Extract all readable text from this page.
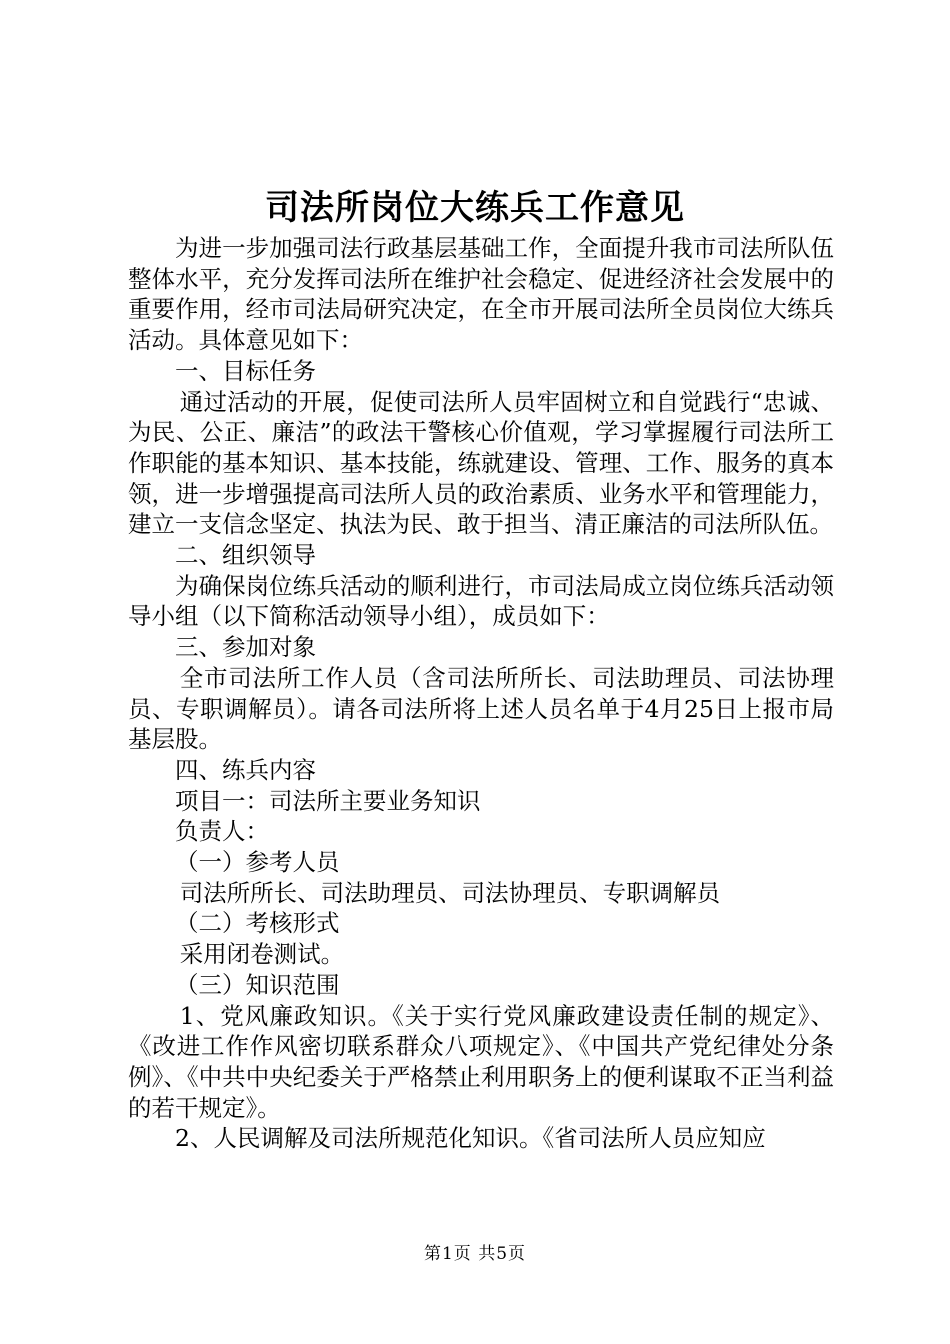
司法所岗位大练兵工作意见

为进一步加强司法行政基层基础工作，全面提升我市司法所队伍整体水平，充分发挥司法所在维护社会稳定、促进经济社会发展中的重要作用，经市司法局研究决定，在全市开展司法所全员岗位大练兵活动。具体意见如下：

一、目标任务

通过活动的开展，促使司法所人员牢固树立和自觉践行“忠诚、为民、公正、廉洁”的政法干警核心价值观，学习掌握履行司法所工作职能的基本知识、基本技能，练就建设、管理、工作、服务的真本领，进一步增强提高司法所人员的政治素质、业务水平和管理能力，建立一支信念坚定、执法为民、敢于担当、清正廉洁的司法所队伍。

二、组织领导

为确保岗位练兵活动的顺利进行，市司法局成立岗位练兵活动领导小组（以下简称活动领导小组），成员如下：

三、参加对象

全市司法所工作人员（含司法所所长、司法助理员、司法协理员、专职调解员）。请各司法所将上述人员名单于4月25日上报市局基层股。

四、练兵内容

项目一：司法所主要业务知识

负责人：

（一）参考人员

司法所所长、司法助理员、司法协理员、专职调解员

（二）考核形式

采用闭卷测试。

（三）知识范围

1、党风廉政知识。《关于实行党风廉政建设责任制的规定》、《改进工作作风密切联系群众八项规定》、《中国共产党纪律处分条例》、《中共中央纪委关于严格禁止利用职务上的便利谋取不正当利益的若干规定》。

2、人民调解及司法所规范化知识。《省司法所人员应知应

第1页 共5页
